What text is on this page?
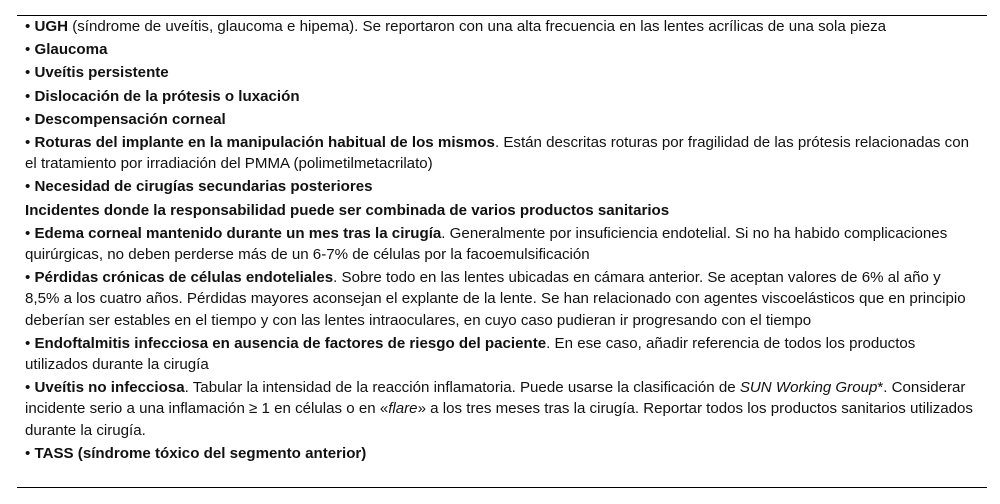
• UGH (síndrome de uveítis, glaucoma e hipema). Se reportaron con una alta frecuencia en las lentes acrílicas de una sola pieza
• Glaucoma
• Uveítis persistente
• Dislocación de la prótesis o luxación
• Descompensación corneal
• Roturas del implante en la manipulación habitual de los mismos. Están descritas roturas por fragilidad de las prótesis relacionadas con el tratamiento por irradiación del PMMA (polimetilmetacrilato)
• Necesidad de cirugías secundarias posteriores
Incidentes donde la responsabilidad puede ser combinada de varios productos sanitarios
• Edema corneal mantenido durante un mes tras la cirugía. Generalmente por insuficiencia endotelial. Si no ha habido complicaciones quirúrgicas, no deben perderse más de un 6-7% de células por la facoemulsificación
• Pérdidas crónicas de células endoteliales. Sobre todo en las lentes ubicadas en cámara anterior. Se aceptan valores de 6% al año y 8,5% a los cuatro años. Pérdidas mayores aconsejan el explante de la lente. Se han relacionado con agentes viscoelásticos que en principio deberían ser estables en el tiempo y con las lentes intraoculares, en cuyo caso pudieran ir progresando con el tiempo
• Endoftalmitis infecciosa en ausencia de factores de riesgo del paciente. En ese caso, añadir referencia de todos los productos utilizados durante la cirugía
• Uveítis no infecciosa. Tabular la intensidad de la reacción inflamatoria. Puede usarse la clasificación de SUN Working Group*. Considerar incidente serio a una inflamación ≥ 1 en células o en «flare» a los tres meses tras la cirugía. Reportar todos los productos sanitarios utilizados durante la cirugía.
• TASS (síndrome tóxico del segmento anterior)
